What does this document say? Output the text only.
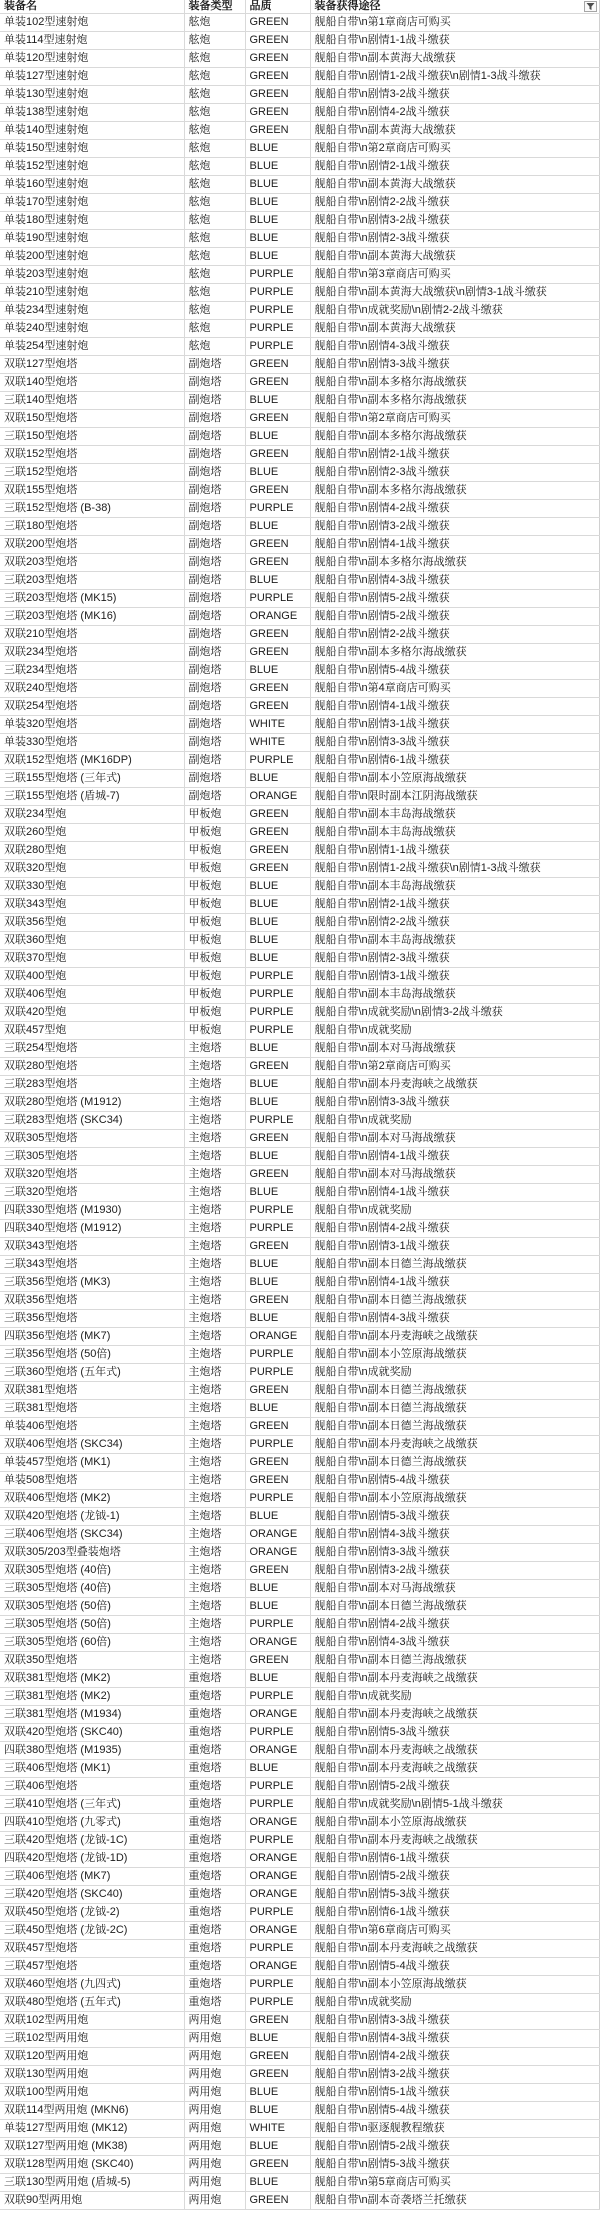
装备名	装备类型	品质	装备获得途径

单装102型速射炮	舷炮	GREEN	舰船自带\n第1章商店可购买
单装114型速射炮	舷炮	GREEN	舰船自带\n剧情1-1战斗缴获
单装120型速射炮	舷炮	GREEN	舰船自带\n副本黄海大战缴获
单装127型速射炮	舷炮	GREEN	舰船自带\n剧情1-2战斗缴获\n剧情1-3战斗缴获
单装130型速射炮	舷炮	GREEN	舰船自带\n剧情3-2战斗缴获
单装138型速射炮	舷炮	GREEN	舰船自带\n剧情4-2战斗缴获
单装140型速射炮	舷炮	GREEN	舰船自带\n副本黄海大战缴获
单装150型速射炮	舷炮	BLUE	舰船自带\n第2章商店可购买
单装152型速射炮	舷炮	BLUE	舰船自带\n剧情2-1战斗缴获
单装160型速射炮	舷炮	BLUE	舰船自带\n副本黄海大战缴获
单装170型速射炮	舷炮	BLUE	舰船自带\n剧情2-2战斗缴获
单装180型速射炮	舷炮	BLUE	舰船自带\n剧情3-2战斗缴获
单装190型速射炮	舷炮	BLUE	舰船自带\n剧情2-3战斗缴获
单装200型速射炮	舷炮	BLUE	舰船自带\n副本黄海大战缴获
单装203型速射炮	舷炮	PURPLE	舰船自带\n第3章商店可购买
单装210型速射炮	舷炮	PURPLE	舰船自带\n副本黄海大战缴获\n剧情3-1战斗缴获
单装234型速射炮	舷炮	PURPLE	舰船自带\n成就奖励\n剧情2-2战斗缴获
单装240型速射炮	舷炮	PURPLE	舰船自带\n副本黄海大战缴获
单装254型速射炮	舷炮	PURPLE	舰船自带\n剧情4-3战斗缴获
双联127型炮塔	副炮塔	GREEN	舰船自带\n剧情3-3战斗缴获
双联140型炮塔	副炮塔	GREEN	舰船自带\n副本多格尔海战缴获
三联140型炮塔	副炮塔	BLUE	舰船自带\n副本多格尔海战缴获
双联150型炮塔	副炮塔	GREEN	舰船自带\n第2章商店可购买
三联150型炮塔	副炮塔	BLUE	舰船自带\n副本多格尔海战缴获
双联152型炮塔	副炮塔	GREEN	舰船自带\n剧情2-1战斗缴获
三联152型炮塔	副炮塔	BLUE	舰船自带\n剧情2-3战斗缴获
双联155型炮塔	副炮塔	GREEN	舰船自带\n副本多格尔海战缴获
三联152型炮塔 (B-38)	副炮塔	PURPLE	舰船自带\n剧情4-2战斗缴获
三联180型炮塔	副炮塔	BLUE	舰船自带\n剧情3-2战斗缴获
双联200型炮塔	副炮塔	GREEN	舰船自带\n剧情4-1战斗缴获
双联203型炮塔	副炮塔	GREEN	舰船自带\n副本多格尔海战缴获
三联203型炮塔	副炮塔	BLUE	舰船自带\n剧情4-3战斗缴获
三联203型炮塔 (MK15)	副炮塔	PURPLE	舰船自带\n剧情5-2战斗缴获
三联203型炮塔 (MK16)	副炮塔	ORANGE	舰船自带\n剧情5-2战斗缴获
双联210型炮塔	副炮塔	GREEN	舰船自带\n剧情2-2战斗缴获
双联234型炮塔	副炮塔	GREEN	舰船自带\n副本多格尔海战缴获
三联234型炮塔	副炮塔	BLUE	舰船自带\n剧情5-4战斗缴获
双联240型炮塔	副炮塔	GREEN	舰船自带\n第4章商店可购买
双联254型炮塔	副炮塔	GREEN	舰船自带\n剧情4-1战斗缴获
单装320型炮塔	副炮塔	WHITE	舰船自带\n剧情3-1战斗缴获
单装330型炮塔	副炮塔	WHITE	舰船自带\n剧情3-3战斗缴获
双联152型炮塔 (MK16DP)	副炮塔	PURPLE	舰船自带\n剧情6-1战斗缴获
三联155型炮塔 (三年式)	副炮塔	BLUE	舰船自带\n副本小笠原海战缴获
三联155型炮塔 (盾城-7)	副炮塔	ORANGE	舰船自带\n限时副本江阴海战缴获
双联234型炮	甲板炮	GREEN	舰船自带\n副本丰岛海战缴获
双联260型炮	甲板炮	GREEN	舰船自带\n副本丰岛海战缴获
双联280型炮	甲板炮	GREEN	舰船自带\n剧情1-1战斗缴获
双联320型炮	甲板炮	GREEN	舰船自带\n剧情1-2战斗缴获\n剧情1-3战斗缴获
双联330型炮	甲板炮	BLUE	舰船自带\n副本丰岛海战缴获
双联343型炮	甲板炮	BLUE	舰船自带\n剧情2-1战斗缴获
双联356型炮	甲板炮	BLUE	舰船自带\n剧情2-2战斗缴获
双联360型炮	甲板炮	BLUE	舰船自带\n副本丰岛海战缴获
双联370型炮	甲板炮	BLUE	舰船自带\n剧情2-3战斗缴获
双联400型炮	甲板炮	PURPLE	舰船自带\n剧情3-1战斗缴获
双联406型炮	甲板炮	PURPLE	舰船自带\n副本丰岛海战缴获
双联420型炮	甲板炮	PURPLE	舰船自带\n成就奖励\n剧情3-2战斗缴获
双联457型炮	甲板炮	PURPLE	舰船自带\n成就奖励
三联254型炮塔	主炮塔	BLUE	舰船自带\n副本对马海战缴获
双联280型炮塔	主炮塔	GREEN	舰船自带\n第2章商店可购买
三联283型炮塔	主炮塔	BLUE	舰船自带\n副本丹麦海峡之战缴获
双联280型炮塔 (M1912)	主炮塔	BLUE	舰船自带\n剧情3-3战斗缴获
三联283型炮塔 (SKC34)	主炮塔	PURPLE	舰船自带\n成就奖励
双联305型炮塔	主炮塔	GREEN	舰船自带\n副本对马海战缴获
三联305型炮塔	主炮塔	BLUE	舰船自带\n剧情4-1战斗缴获
双联320型炮塔	主炮塔	GREEN	舰船自带\n副本对马海战缴获
三联320型炮塔	主炮塔	BLUE	舰船自带\n剧情4-1战斗缴获
四联330型炮塔 (M1930)	主炮塔	PURPLE	舰船自带\n成就奖励
四联340型炮塔 (M1912)	主炮塔	PURPLE	舰船自带\n剧情4-2战斗缴获
双联343型炮塔	主炮塔	GREEN	舰船自带\n剧情3-1战斗缴获
三联343型炮塔	主炮塔	BLUE	舰船自带\n副本日德兰海战缴获
三联356型炮塔 (MK3)	主炮塔	BLUE	舰船自带\n剧情4-1战斗缴获
双联356型炮塔	主炮塔	GREEN	舰船自带\n副本日德兰海战缴获
三联356型炮塔	主炮塔	BLUE	舰船自带\n剧情4-3战斗缴获
四联356型炮塔 (MK7)	主炮塔	ORANGE	舰船自带\n副本丹麦海峡之战缴获
三联356型炮塔 (50倍)	主炮塔	PURPLE	舰船自带\n副本小笠原海战缴获
三联360型炮塔 (五年式)	主炮塔	PURPLE	舰船自带\n成就奖励
双联381型炮塔	主炮塔	GREEN	舰船自带\n副本日德兰海战缴获
三联381型炮塔	主炮塔	BLUE	舰船自带\n副本日德兰海战缴获
单装406型炮塔	主炮塔	GREEN	舰船自带\n副本日德兰海战缴获
双联406型炮塔 (SKC34)	主炮塔	PURPLE	舰船自带\n副本丹麦海峡之战缴获
单装457型炮塔 (MK1)	主炮塔	GREEN	舰船自带\n副本日德兰海战缴获
单装508型炮塔	主炮塔	GREEN	舰船自带\n剧情5-4战斗缴获
双联406型炮塔 (MK2)	主炮塔	PURPLE	舰船自带\n副本小笠原海战缴获
双联420型炮塔 (龙钺-1)	主炮塔	BLUE	舰船自带\n剧情5-3战斗缴获
三联406型炮塔 (SKC34)	主炮塔	ORANGE	舰船自带\n剧情4-3战斗缴获
双联305/203型叠装炮塔	主炮塔	ORANGE	舰船自带\n剧情3-3战斗缴获
双联305型炮塔 (40倍)	主炮塔	GREEN	舰船自带\n剧情3-2战斗缴获
三联305型炮塔 (40倍)	主炮塔	BLUE	舰船自带\n副本对马海战缴获
双联305型炮塔 (50倍)	主炮塔	BLUE	舰船自带\n副本日德兰海战缴获
三联305型炮塔 (50倍)	主炮塔	PURPLE	舰船自带\n剧情4-2战斗缴获
三联305型炮塔 (60倍)	主炮塔	ORANGE	舰船自带\n剧情4-3战斗缴获
双联350型炮塔	主炮塔	GREEN	舰船自带\n副本日德兰海战缴获
双联381型炮塔 (MK2)	重炮塔	BLUE	舰船自带\n副本丹麦海峡之战缴获
三联381型炮塔 (MK2)	重炮塔	PURPLE	舰船自带\n成就奖励
三联381型炮塔 (M1934)	重炮塔	ORANGE	舰船自带\n副本丹麦海峡之战缴获
双联420型炮塔 (SKC40)	重炮塔	PURPLE	舰船自带\n剧情5-3战斗缴获
四联380型炮塔 (M1935)	重炮塔	ORANGE	舰船自带\n副本丹麦海峡之战缴获
三联406型炮塔 (MK1)	重炮塔	BLUE	舰船自带\n副本丹麦海峡之战缴获
三联406型炮塔	重炮塔	PURPLE	舰船自带\n剧情5-2战斗缴获
三联410型炮塔 (三年式)	重炮塔	PURPLE	舰船自带\n成就奖励\n剧情5-1战斗缴获
四联410型炮塔 (九零式)	重炮塔	ORANGE	舰船自带\n副本小笠原海战缴获
三联420型炮塔 (龙钺-1C)	重炮塔	PURPLE	舰船自带\n副本丹麦海峡之战缴获
四联420型炮塔 (龙钺-1D)	重炮塔	ORANGE	舰船自带\n剧情6-1战斗缴获
三联406型炮塔 (MK7)	重炮塔	ORANGE	舰船自带\n剧情5-2战斗缴获
三联420型炮塔 (SKC40)	重炮塔	ORANGE	舰船自带\n剧情5-3战斗缴获
双联450型炮塔 (龙钺-2)	重炮塔	PURPLE	舰船自带\n剧情6-1战斗缴获
三联450型炮塔 (龙钺-2C)	重炮塔	ORANGE	舰船自带\n第6章商店可购买
双联457型炮塔	重炮塔	PURPLE	舰船自带\n副本丹麦海峡之战缴获
三联457型炮塔	重炮塔	ORANGE	舰船自带\n剧情5-4战斗缴获
双联460型炮塔 (九四式)	重炮塔	PURPLE	舰船自带\n副本小笠原海战缴获
双联480型炮塔 (五年式)	重炮塔	PURPLE	舰船自带\n成就奖励
双联102型两用炮	两用炮	GREEN	舰船自带\n剧情3-3战斗缴获
三联102型两用炮	两用炮	BLUE	舰船自带\n剧情4-3战斗缴获
双联120型两用炮	两用炮	GREEN	舰船自带\n剧情4-2战斗缴获
双联130型两用炮	两用炮	GREEN	舰船自带\n剧情3-2战斗缴获
双联100型两用炮	两用炮	BLUE	舰船自带\n剧情5-1战斗缴获
双联114型两用炮 (MKN6)	两用炮	BLUE	舰船自带\n剧情5-4战斗缴获
单装127型两用炮 (MK12)	两用炮	WHITE	舰船自带\n驱逐舰教程缴获
双联127型两用炮 (MK38)	两用炮	BLUE	舰船自带\n剧情5-2战斗缴获
双联128型两用炮 (SKC40)	两用炮	GREEN	舰船自带\n剧情5-3战斗缴获
三联130型两用炮 (盾城-5)	两用炮	BLUE	舰船自带\n第5章商店可购买
双联90型两用炮	两用炮	GREEN	舰船自带\n副本奇袭塔兰托缴获
